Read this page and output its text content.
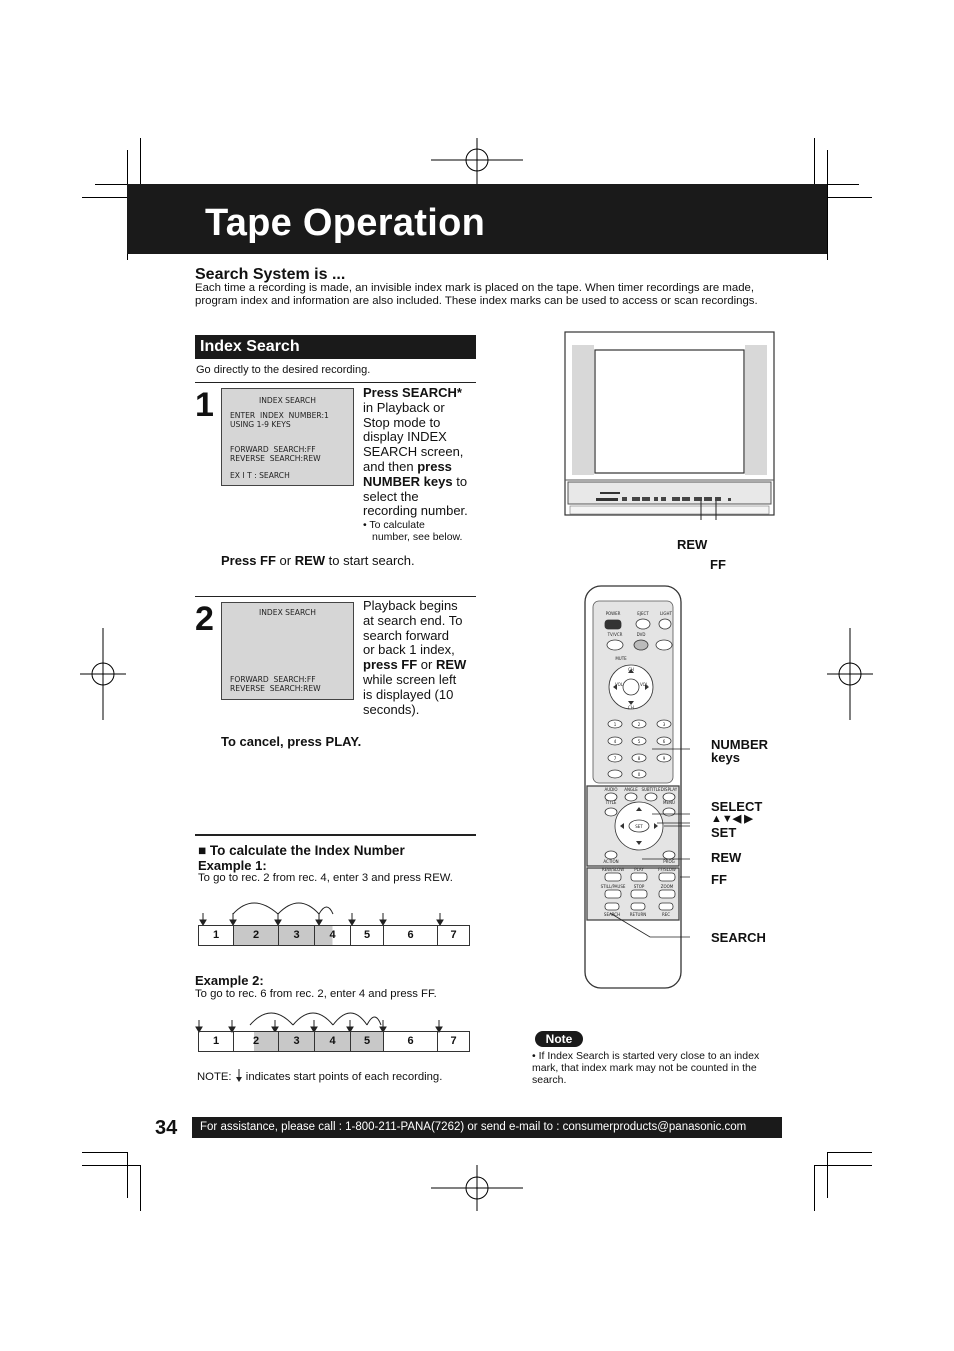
Tape Operation
Search System is ...
Each time a recording is made, an invisible index mark is placed on the tape. When timer recordings are made, program index and information are also included. These index marks can be used to access or scan recordings.
Index Search
Go directly to the desired recording.
1	INDEX SEARCH
ENTER  INDEX  NUMBER:1
USING 1-9 KEYS
FORWARD  SEARCH:FF
REVERSE  SEARCH:REW
EX I T : SEARCH
Press SEARCH*
in Playback or
Stop mode to
display INDEX
SEARCH screen,
and then press
NUMBER keys to
select the
recording number.
• To calculate
number, see below.
Press FF or REW to start search.
2	INDEX SEARCH
FORWARD  SEARCH:FF
REVERSE  SEARCH:REW
Playback begins
at search end. To
search forward
or back 1 index,
press FF or REW
while screen left
is displayed (10
seconds).
To cancel, press PLAY.
■ To calculate the Index Number
Example 1:
To go to rec. 2 from rec. 4, enter 3 and press REW.
1	2	3	4	5	6	7
Example 2:
To go to rec. 6 from rec. 2, enter 4 and press FF.
1	2	3	4	5	6	7
NOTE:  indicates start points of each recording.
REW
FF
POWER	EJECT	LIGHT
TV/VCR	DVD
MUTE
CH
CH
VOL	VOL
1	2	3
4	5	6
7	8	9
0
AUDIO ANGLE SUBTITLE DISPLAY
TITLE	MENU
SET
ACTION	PROG
REW/SLOW	PLAY	FF/SLOW
STILL/PAUSE STOP	ZOOM
SEARCH RETURN	REC
NUMBER
keys
SELECT
▲▼◀ ▶
SET
REW
FF
SEARCH
Note
• If Index Search is started very close to an index mark, that index mark may not be counted in the search.
34 For assistance, please call : 1-800-211-PANA(7262) or send e-mail to : consumerproducts@panasonic.com
